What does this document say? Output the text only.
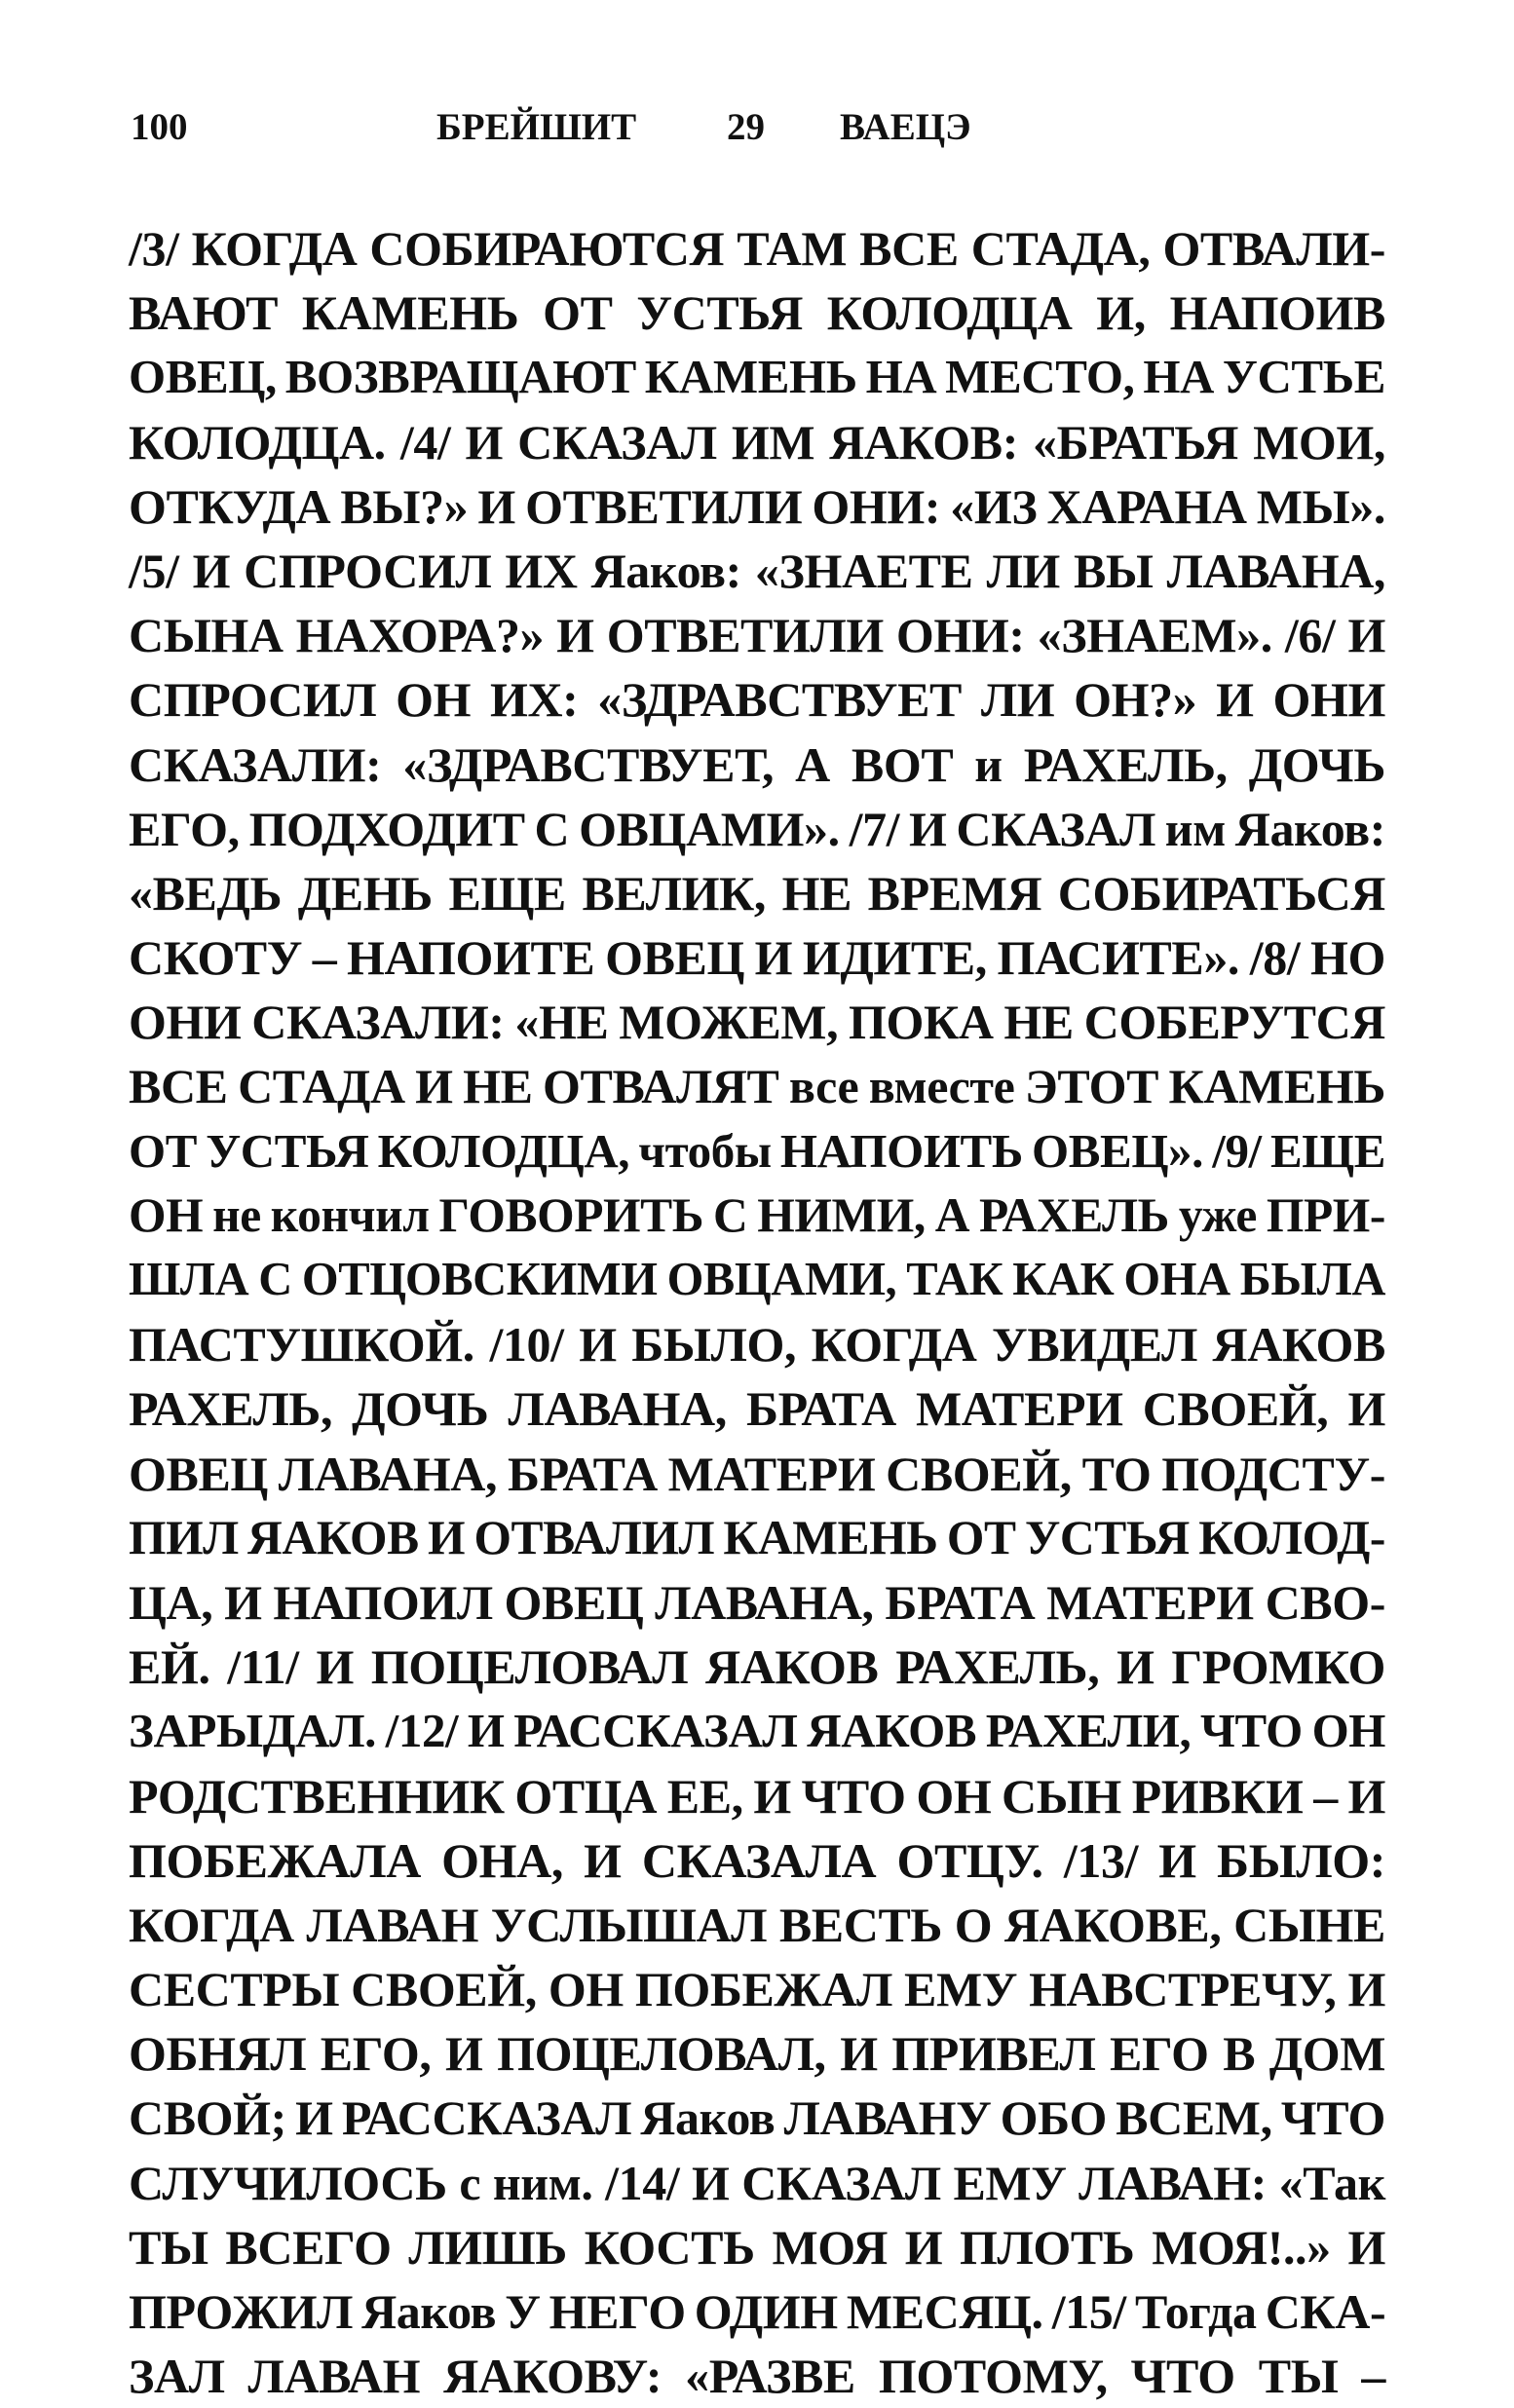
100	БРЕЙШИТ 29 ВАЕЦЭ
/3/ КОГДА СОБИРАЮТСЯ ТАМ ВСЕ СТАДА, ОТВАЛИ-
ВАЮТ КАМЕНЬ ОТ УСТЬЯ КОЛОДЦА И, НАПОИВ
ОВЕЦ, ВОЗВРАЩАЮТ КАМЕНЬ НА МЕСТО, НА УСТЬЕ
КОЛОДЦА. /4/ И СКАЗАЛ ИМ ЯАКОВ: «БРАТЬЯ МОИ,
ОТКУДА ВЫ?» И ОТВЕТИЛИ ОНИ: «ИЗ ХАРАНА МЫ».
/5/ И СПРОСИЛ ИХ Яаков: «ЗНАЕТЕ ЛИ ВЫ ЛАВАНА,
СЫНА НАХОРА?» И ОТВЕТИЛИ ОНИ: «ЗНАЕМ». /6/ И
СПРОСИЛ ОН ИХ: «ЗДРАВСТВУЕТ ЛИ ОН?» И ОНИ
СКАЗАЛИ: «ЗДРАВСТВУЕТ, А ВОТ и РАХЕЛЬ, ДОЧЬ
ЕГО, ПОДХОДИТ С ОВЦАМИ». /7/ И СКАЗАЛ им Яаков:
«ВЕДЬ ДЕНЬ ЕЩЕ ВЕЛИК, НЕ ВРЕМЯ СОБИРАТЬСЯ
СКОТУ – НАПОИТЕ ОВЕЦ И ИДИТЕ, ПАСИТЕ». /8/ НО
ОНИ СКАЗАЛИ: «НЕ МОЖЕМ, ПОКА НЕ СОБЕРУТСЯ
ВСЕ СТАДА И НЕ ОТВАЛЯТ все вместе ЭТОТ КАМЕНЬ
ОТ УСТЬЯ КОЛОДЦА, чтобы НАПОИТЬ ОВЕЦ». /9/ ЕЩЕ
ОН не кончил ГОВОРИТЬ С НИМИ, А РАХЕЛЬ уже ПРИ-
ШЛА С ОТЦОВСКИМИ ОВЦАМИ, ТАК КАК ОНА БЫЛА
ПАСТУШКОЙ. /10/ И БЫЛО, КОГДА УВИДЕЛ ЯАКОВ
РАХЕЛЬ, ДОЧЬ ЛАВАНА, БРАТА МАТЕРИ СВОЕЙ, И
ОВЕЦ ЛАВАНА, БРАТА МАТЕРИ СВОЕЙ, ТО ПОДСТУ-
ПИЛ ЯАКОВ И ОТВАЛИЛ КАМЕНЬ ОТ УСТЬЯ КОЛОД-
ЦА, И НАПОИЛ ОВЕЦ ЛАВАНА, БРАТА МАТЕРИ СВО-
ЕЙ. /11/ И ПОЦЕЛОВАЛ ЯАКОВ РАХЕЛЬ, И ГРОМКО
ЗАРЫДАЛ. /12/ И РАССКАЗАЛ ЯАКОВ РАХЕЛИ, ЧТО ОН
РОДСТВЕННИК ОТЦА ЕЕ, И ЧТО ОН СЫН РИВКИ – И
ПОБЕЖАЛА ОНА, И СКАЗАЛА ОТЦУ. /13/ И БЫЛО:
КОГДА ЛАВАН УСЛЫШАЛ ВЕСТЬ О ЯАКОВЕ, СЫНЕ
СЕСТРЫ СВОЕЙ, ОН ПОБЕЖАЛ ЕМУ НАВСТРЕЧУ, И
ОБНЯЛ ЕГО, И ПОЦЕЛОВАЛ, И ПРИВЕЛ ЕГО В ДОМ
СВОЙ; И РАССКАЗАЛ Яаков ЛАВАНУ ОБО ВСЕМ, ЧТО
СЛУЧИЛОСЬ с ним. /14/ И СКАЗАЛ ЕМУ ЛАВАН: «Так
ТЫ ВСЕГО ЛИШЬ КОСТЬ МОЯ И ПЛОТЬ МОЯ!..» И
ПРОЖИЛ Яаков У НЕГО ОДИН МЕСЯЦ. /15/ Тогда СКА-
ЗАЛ ЛАВАН ЯАКОВУ: «РАЗВЕ ПОТОМУ, ЧТО ТЫ –
